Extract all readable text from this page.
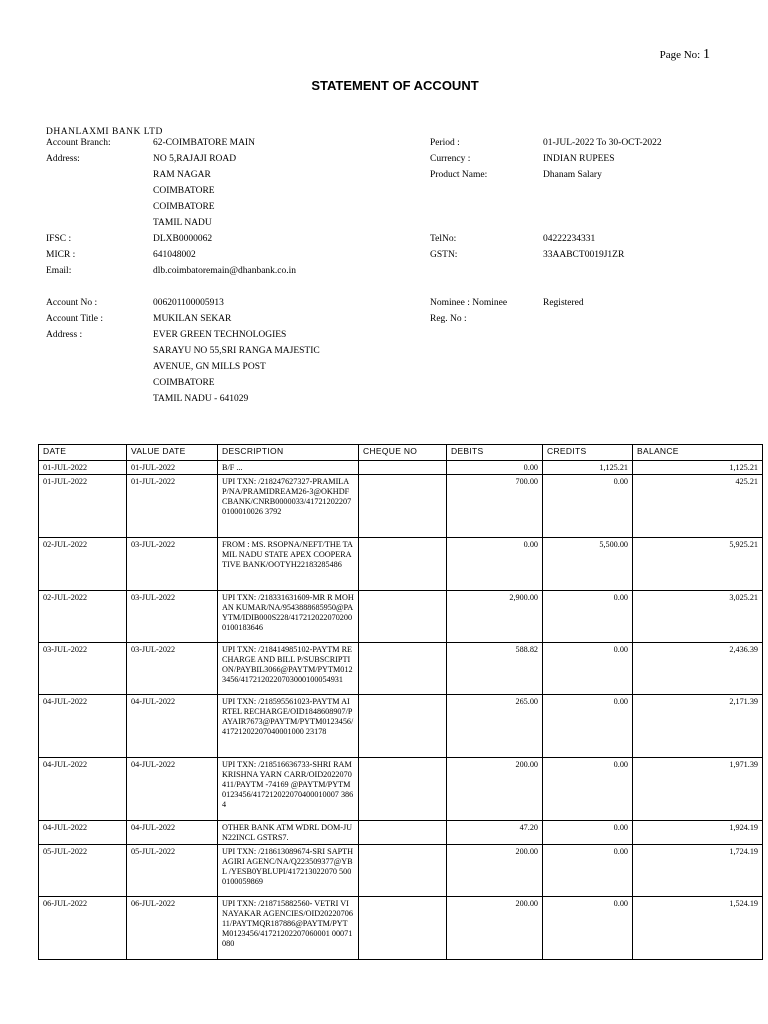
Page No: 1
STATEMENT OF ACCOUNT
DHANLAXMI BANK LTD
Account Branch:	62-COIMBATORE MAIN
Address:	NO 5,RAJAJI ROAD
RAM NAGAR
COIMBATORE
COIMBATORE
TAMIL NADU
IFSC :	DLXB0000062
MICR :	641048002
Email:	dlb.coimbatoremain@dhanbank.co.in
Period :	01-JUL-2022 To 30-OCT-2022
Currency :	INDIAN RUPEES
Product Name:	Dhanam Salary
TelNo:	04222234331
GSTN:	33AABCT0019J1ZR
Account No :	006201100005913
Account Title :	MUKILAN SEKAR
Address :	EVER GREEN TECHNOLOGIES
SARAYU NO 55,SRI RANGA MAJESTIC
AVENUE, GN MILLS POST
COIMBATORE
TAMIL NADU - 641029
Nominee : Nominee	Registered
Reg. No :
DATE	VALUE DATE	DESCRIPTION	CHEQUE NO	DEBITS	CREDITS	BALANCE
01-JUL-2022	01-JUL-2022	B/F ...		0.00	1,125.21	1,125.21
01-JUL-2022	01-JUL-2022	UPI TXN: /218247627327-PRAMILA P/NA/PRAMIDREAM26-3@OKHDFCBANK/CNRB0000033/417212022070100010026 3792		700.00	0.00	425.21
02-JUL-2022	03-JUL-2022	FROM : MS. RSOPNA/NEFT/THE TAMIL NADU STATE APEX COOPERATIVE BANK/OOTYH22183285486		0.00	5,500.00	5,925.21
02-JUL-2022	03-JUL-2022	UPI TXN: /218331631609-MR R MOHAN KUMAR/NA/9543888685950@PAYTM/IDIB000S228/4172120220702000100183646		2,900.00	0.00	3,025.21
03-JUL-2022	03-JUL-2022	UPI TXN: /218414985102-PAYTM RECHARGE AND BILL P/SUBSCRIPTION/PAYBIL3066@PAYTM/PYTM0123456/4172120220703000100054931		588.82	0.00	2,436.39
04-JUL-2022	04-JUL-2022	UPI TXN: /218595561023-PAYTM AIRTEL RECHARGE/OID1848608907/PAYAIR7673@PAYTM/PYTM0123456/41721202207040001000 23178		265.00	0.00	2,171.39
04-JUL-2022	04-JUL-2022	UPI TXN: /218516636733-SHRI RAMKRISHNA YARN CARR/OID2022070411/PAYTM -74169 @PAYTM/PYTM0123456/417212022070400010007 3864		200.00	0.00	1,971.39
04-JUL-2022	04-JUL-2022	OTHER BANK ATM WDRL DOM-JUN22INCL GSTRS7.		47.20	0.00	1,924.19
05-JUL-2022	05-JUL-2022	UPI TXN: /218613089674-SRI SAPTHAGIRI AGENC/NA/Q223509377@YBL /YESB0YBLUPI/417213022070 5000100059869		200.00	0.00	1,724.19
06-JUL-2022	06-JUL-2022	UPI TXN: /218715882560- VETRI VINAYAKAR AGENCIES/OID2022070611/PAYTMQR187886@PAYTM/PYTM0123456/41721202207060001 00071080		200.00	0.00	1,524.19
